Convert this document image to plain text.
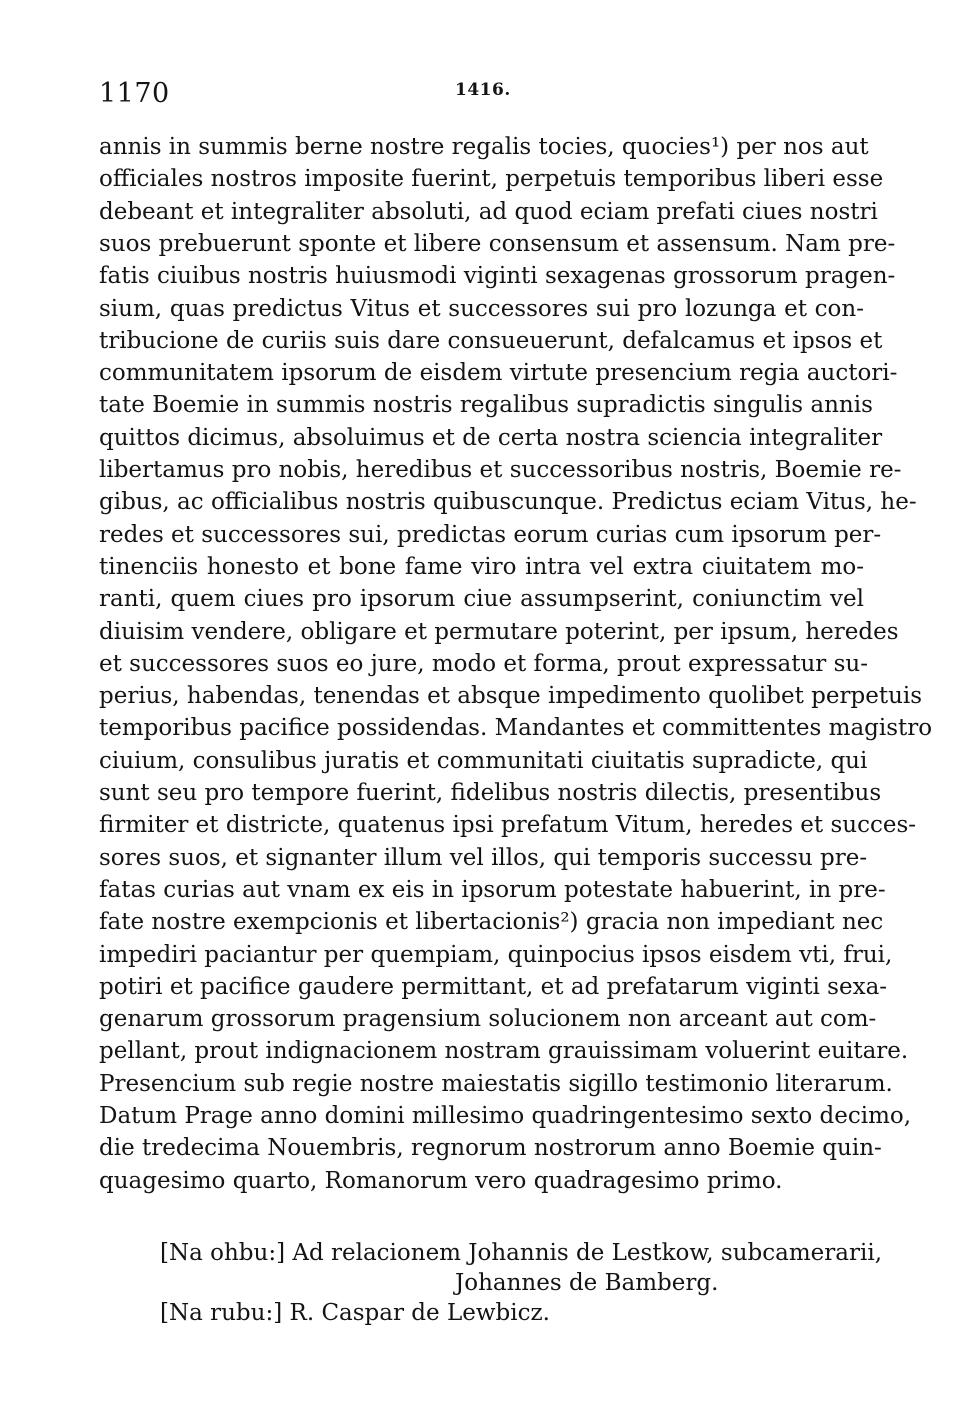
1170	1416.
annis in summis berne nostre regalis tocies, quocies¹) per nos aut
officiales nostros imposite fuerint, perpetuis temporibus liberi esse
debeant et integraliter absoluti, ad quod eciam prefati ciues nostri
suos prebuerunt sponte et libere consensum et assensum. Nam pre-
fatis ciuibus nostris huiusmodi viginti sexagenas grossorum pragen-
sium, quas predictus Vitus et successores sui pro lozunga et con-
tribucione de curiis suis dare consueuerunt, defalcamus et ipsos et
communitatem ipsorum de eisdem virtute presencium regia auctori-
tate Boemie in summis nostris regalibus supradictis singulis annis
quittos dicimus, absoluimus et de certa nostra sciencia integraliter
libertamus pro nobis, heredibus et successoribus nostris, Boemie re-
gibus, ac officialibus nostris quibuscunque. Predictus eciam Vitus, he-
redes et successores sui, predictas eorum curias cum ipsorum per-
tinenciis honesto et bone fame viro intra vel extra ciuitatem mo-
ranti, quem ciues pro ipsorum ciue assumpserint, coniunctim vel
diuisim vendere, obligare et permutare poterint, per ipsum, heredes
et successores suos eo jure, modo et forma, prout expressatur su-
perius, habendas, tenendas et absque impedimento quolibet perpetuis
temporibus pacifice possidendas. Mandantes et committentes magistro
ciuium, consulibus juratis et communitati ciuitatis supradicte, qui
sunt seu pro tempore fuerint, fidelibus nostris dilectis, presentibus
firmiter et districte, quatenus ipsi prefatum Vitum, heredes et succes-
sores suos, et signanter illum vel illos, qui temporis successu pre-
fatas curias aut vnam ex eis in ipsorum potestate habuerint, in pre-
fate nostre exempcionis et libertacionis²) gracia non impediant nec
impediri paciantur per quempiam, quinpocius ipsos eisdem vti, frui,
potiri et pacifice gaudere permittant, et ad prefatarum viginti sexa-
genarum grossorum pragensium solucionem non arceant aut com-
pellant, prout indignacionem nostram grauissimam voluerint euitare.
Presencium sub regie nostre maiestatis sigillo testimonio literarum.
Datum Prage anno domini millesimo quadringentesimo sexto decimo,
die tredecima Nouembris, regnorum nostrorum anno Boemie quin-
quagesimo quarto, Romanorum vero quadragesimo primo.
[Na ohbu:] Ad relacionem Johannis de Lestkow, subcamerarii,
Johannes de Bamberg.
[Na rubu:] R. Caspar de Lewbicz.
